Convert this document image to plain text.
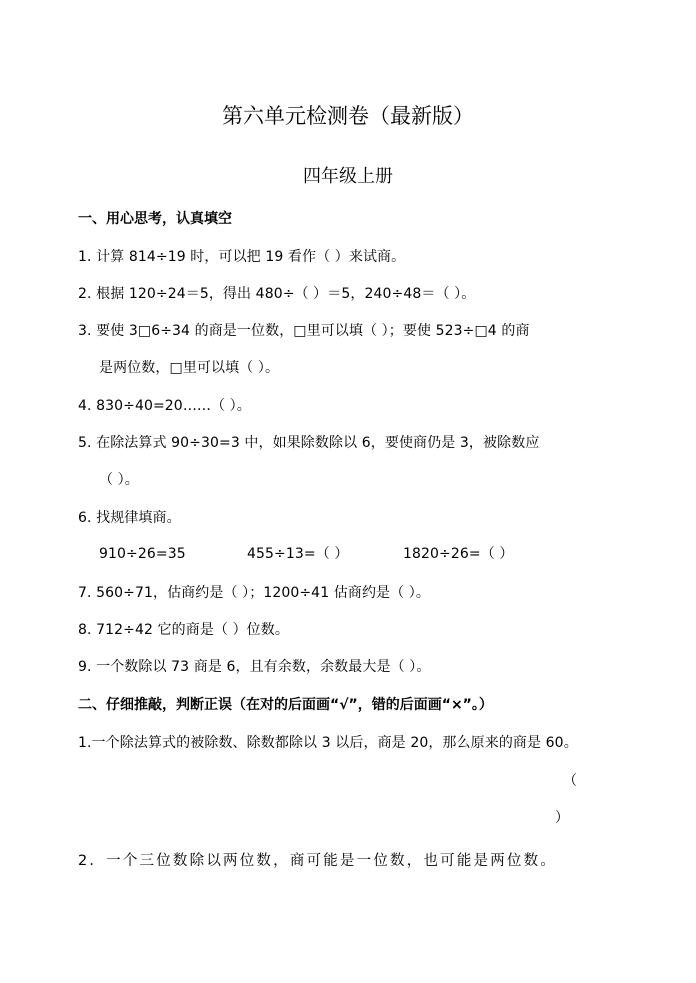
第六单元检测卷（最新版）
四年级上册
一、用心思考，认真填空
1. 计算 814÷19 时，可以把 19 看作（ ）来试商。
2. 根据 120÷24＝5，得出 480÷（ ）＝5，240÷48＝（ ）。
3. 要使 3□6÷34 的商是一位数，□里可以填（ ）；要使 523÷□4 的商
是两位数，□里可以填（ ）。
4. 830÷40=20……（ ）。
5. 在除法算式 90÷30=3 中，如果除数除以 6，要使商仍是 3，被除数应
（ ）。
6. 找规律填商。
910÷26=35	455÷13=（ ）	1820÷26=（ ）
7. 560÷71，估商约是（ ）；1200÷41 估商约是（ ）。
8. 712÷42 它的商是（ ）位数。
9. 一个数除以 73 商是 6，且有余数，余数最大是（ ）。
二、仔细推敲，判断正误（在对的后面画“√”，错的后面画“×”。）
1.一个除法算式的被除数、除数都除以 3 以后，商是 20，那么原来的商是 60。
（
）
2．一个三位数除以两位数，商可能是一位数，也可能是两位数。
